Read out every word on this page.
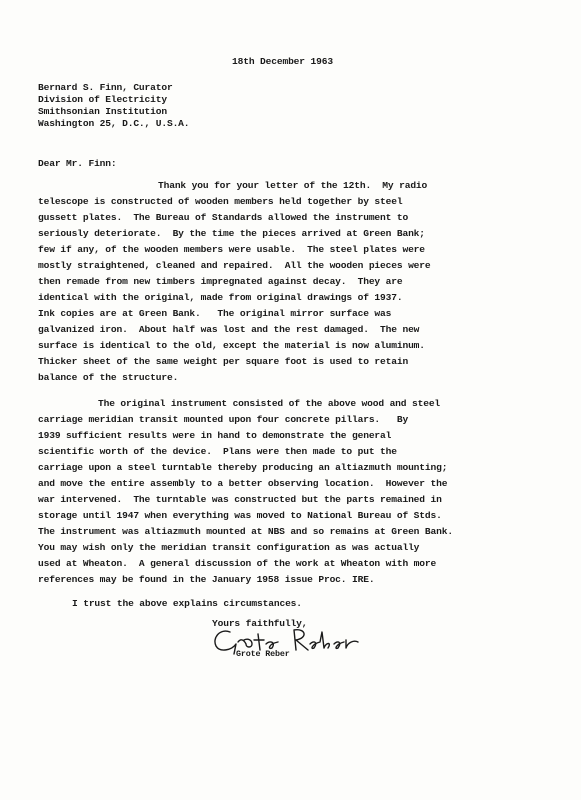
18th December 1963
Bernard S. Finn, Curator
Division of Electricity
Smithsonian Institution
Washington 25, D.C., U.S.A.
Dear Mr. Finn:
Thank you for your letter of the 12th.  My radio
telescope is constructed of wooden members held together by steel
gussett plates.  The Bureau of Standards allowed the instrument to
seriously deteriorate.  By the time the pieces arrived at Green Bank;
few if any, of the wooden members were usable.  The steel plates were
mostly straightened, cleaned and repaired.  All the wooden pieces were
then remade from new timbers impregnated against decay.  They are
identical with the original, made from original drawings of 1937.
Ink copies are at Green Bank.   The original mirror surface was
galvanized iron.  About half was lost and the rest damaged.  The new
surface is identical to the old, except the material is now aluminum.
Thicker sheet of the same weight per square foot is used to retain
balance of the structure.
The original instrument consisted of the above wood and steel
carriage meridian transit mounted upon four concrete pillars.   By
1939 sufficient results were in hand to demonstrate the general
scientific worth of the device.  Plans were then made to put the
carriage upon a steel turntable thereby producing an altiazmuth mounting;
and move the entire assembly to a better observing location.  However the
war intervened.  The turntable was constructed but the parts remained in
storage until 1947 when everything was moved to National Bureau of Stds.
The instrument was altiazmuth mounted at NBS and so remains at Green Bank.
You may wish only the meridian transit configuration as was actually
used at Wheaton.  A general discussion of the work at Wheaton with more
references may be found in the January 1958 issue Proc. IRE.
I trust the above explains circumstances.
Yours faithfully,
Grote Reber
